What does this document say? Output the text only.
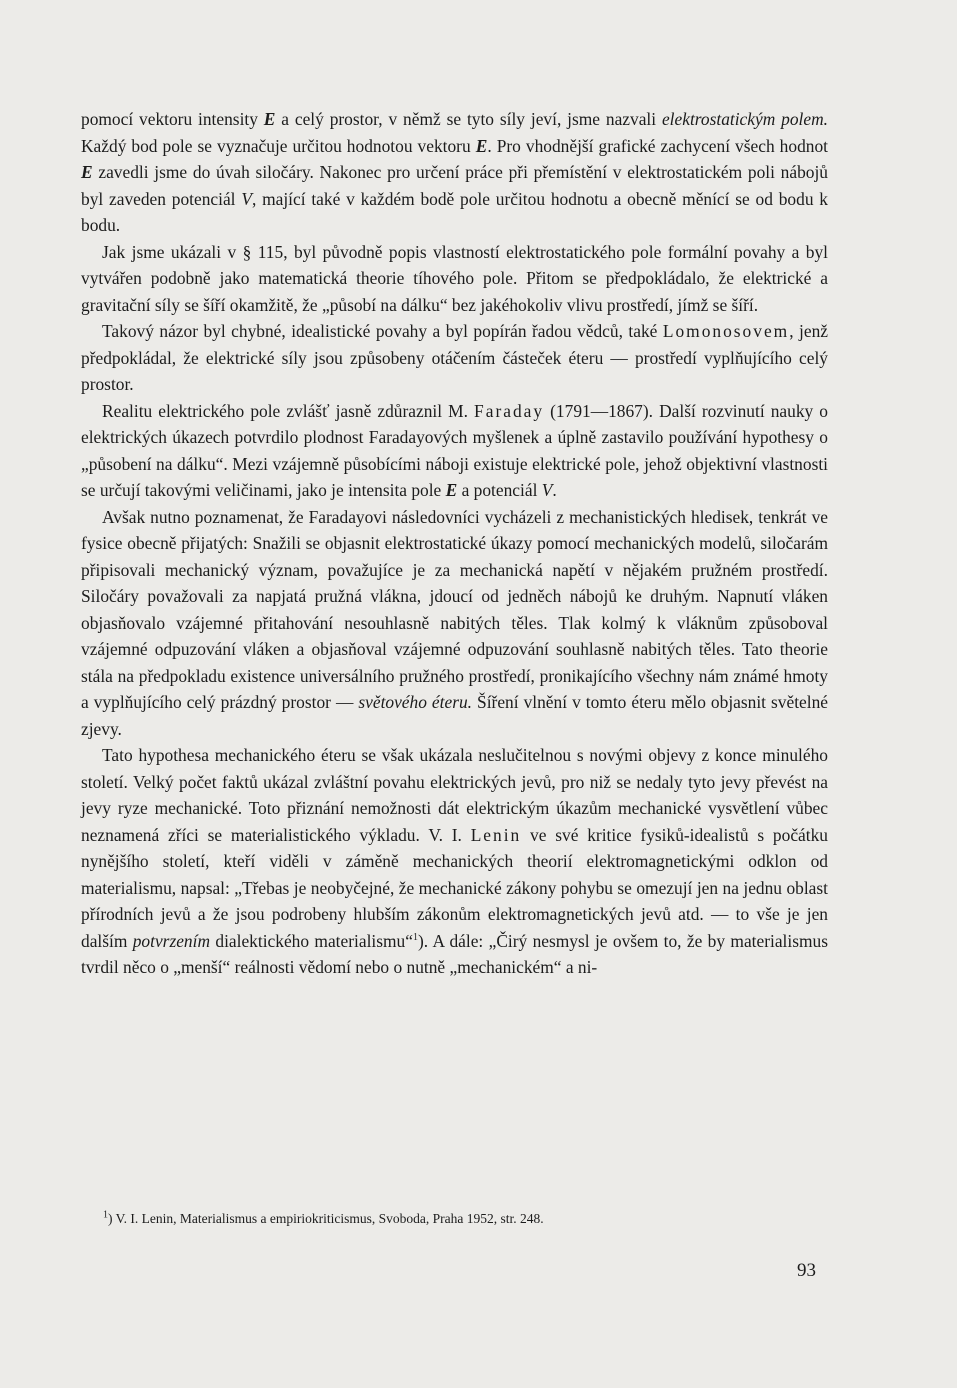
pomocí vektoru intensity E a celý prostor, v němž se tyto síly jeví, jsme nazvali elektrostatickým polem. Každý bod pole se vyznačuje určitou hodnotou vektoru E. Pro vhodnější grafické zachycení všech hodnot E zavedli jsme do úvah siločáry. Nakonec pro určení práce při přemístění v elektrostatickém poli nábojů byl zaveden potenciál V, mající také v každém bodě pole určitou hodnotu a obecně měnící se od bodu k bodu.

Jak jsme ukázali v § 115, byl původně popis vlastností elektrostatického pole formální povahy a byl vytvářen podobně jako matematická theorie tíhového pole. Přitom se předpokládalo, že elektrické a gravitační síly se šíří okamžitě, že „působí na dálku“ bez jakéhokoliv vlivu prostředí, jímž se šíří.

Takový názor byl chybné, idealistické povahy a byl popírán řadou vědců, také Lomonosovem, jenž předpokládal, že elektrické síly jsou způsobeny otáčením částeček éteru — prostředí vyplňujícího celý prostor.

Realitu elektrického pole zvlášť jasně zdůraznil M. Faraday (1791—1867). Další rozvinutí nauky o elektrických úkazech potvrdilo plodnost Faradayových myšlenek a úplně zastavilo používání hypothesy o „působení na dálku“. Mezi vzájemně působícími náboji existuje elektrické pole, jehož objektivní vlastnosti se určují takovými veličinami, jako je intensita pole E a potenciál V.

Avšak nutno poznamenat, že Faradayovi následovníci vycházeli z mechanistických hledisek, tenkrát ve fysice obecně přijatých: Snažili se objasnit elektrostatické úkazy pomocí mechanických modelů, siločarám připisovali mechanický význam, považujíce je za mechanická napětí v nějakém pružném prostředí. Siločáry považovali za napjatá pružná vlákna, jdoucí od jedněch nábojů ke druhým. Napnutí vláken objasňovalo vzájemné přitahování nesouhlasně nabitých těles. Tlak kolmý k vláknům způsoboval vzájemné odpuzování vláken a objasňoval vzájemné odpuzování souhlasně nabitých těles. Tato theorie stála na předpokladu existence universálního pružného prostředí, pronikajícího všechny nám známé hmoty a vyplňujícího celý prázdný prostor — světového éteru. Šíření vlnění v tomto éteru mělo objasnit světelné zjevy.

Tato hypothesa mechanického éteru se však ukázala neslučitelnou s novými objevy z konce minulého století. Velký počet faktů ukázal zvláštní povahu elektrických jevů, pro niž se nedaly tyto jevy převést na jevy ryze mechanické. Toto přiznání nemožnosti dát elektrickým úkazům mechanické vysvětlení vůbec neznamená zříci se materialistického výkladu. V. I. Lenin ve své kritice fysiků-idealistů s počátku nynějšího století, kteří viděli v záměně mechanických theorií elektromagnetickými odklon od materialismu, napsal: „Třebas je neobyčejné, že mechanické zákony pohybu se omezují jen na jednu oblast přírodních jevů a že jsou podrobeny hlubším zákonům elektromagnetických jevů atd. — to vše je jen dalším potvrzením dialektického materialismu“$^1$). A dále: „Čirý nesmysl je ovšem to, že by materialismus tvrdil něco o „menší“ reálnosti vědomí nebo o nutně „mechanickém“ a ni-

$^1$) V. I. Lenin, Materialismus a empiriokriticismus, Svoboda, Praha 1952, str. 248.
93
